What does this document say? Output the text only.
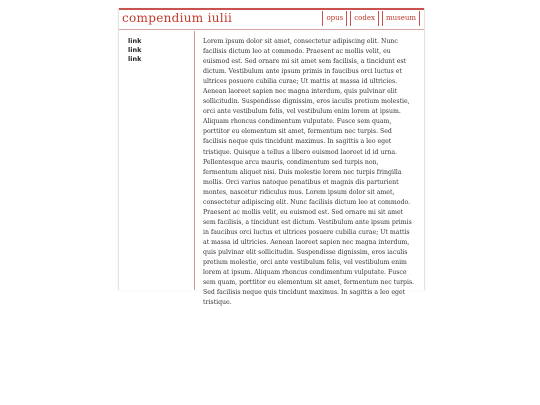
compendium iulii	opus	codex	museum
link
link
link

Lorem ipsum dolor sit amet, consectetur adipiscing elit. Nunc facilisis dictum leo at commodo. Praesent ac mollis velit, eu euismod est. Sed ornare mi sit amet sem facilisis, a tincidunt est dictum. Vestibulum ante ipsum primis in faucibus orci luctus et ultrices posuere cubilia curae; Ut mattis at massa id ultricies. Aenean laoreet sapien nec magna interdum, quis pulvinar elit sollicitudin. Suspendisse dignissim, eros iaculis pretium molestie, orci ante vestibulum felis, vel vestibulum enim lorem at ipsum. Aliquam rhoncus condimentum vulputate. Fusce sem quam, porttitor eu elementum sit amet, fermentum nec turpis. Sed facilisis neque quis tincidunt maximus. In sagittis a leo eget tristique. Quisque a tellus a libero euismod laoreet id id urna. Pellentesque arcu mauris, condimentum sed turpis non, fermentum aliquet nisi. Duis molestie lorem nec turpis fringilla mollis. Orci varius natoque penatibus et magnis dis parturient montes, nascetur ridiculus mus. Lorem ipsum dolor sit amet, consectetur adipiscing elit. Nunc facilisis dictum leo at commodo. Praesent ac mollis velit, eu euismod est. Sed ornare mi sit amet sem facilisis, a tincidunt est dictum. Vestibulum ante ipsum primis in faucibus orci luctus et ultrices posuere cubilia curae; Ut mattis at massa id ultricies. Aenean laoreet sapien nec magna interdum, quis pulvinar elit sollicitudin. Suspendisse dignissim, eros iaculis pretium molestie, orci ante vestibulum felis, vel vestibulum enim lorem at ipsum. Aliquam rhoncus condimentum vulputate. Fusce sem quam, porttitor eu elementum sit amet, fermentum nec turpis. Sed facilisis neque quis tincidunt maximus. In sagittis a leo eget tristique.
